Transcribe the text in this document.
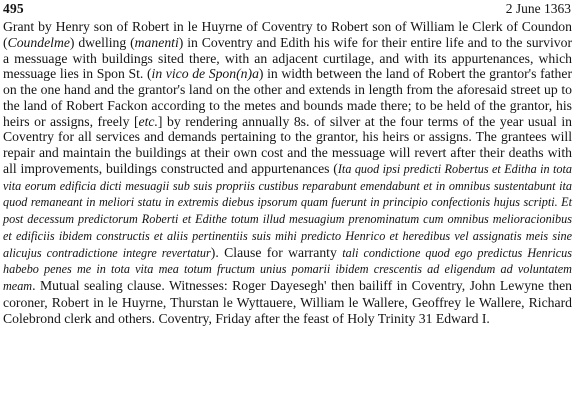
495	2 June 1363

Grant by Henry son of Robert in le Huyrne of Coventry to Robert son of William le Clerk of Coundon (Coundelme) dwelling (manenti) in Coventry and Edith his wife for their entire life and to the survivor a messuage with buildings sited there, with an adjacent curtilage, and with its appurtenances, which messuage lies in Spon St. (in vico de Spon(n)a) in width between the land of Robert the grantor's father on the one hand and the grantor's land on the other and extends in length from the aforesaid street up to the land of Robert Fackon according to the metes and bounds made there; to be held of the grantor, his heirs or assigns, freely [etc.] by rendering annually 8s. of silver at the four terms of the year usual in Coventry for all services and demands pertaining to the grantor, his heirs or assigns. The grantees will repair and maintain the buildings at their own cost and the messuage will revert after their deaths with all improvements, buildings constructed and appurtenances (Ita quod ipsi predicti Robertus et Editha in tota vita eorum edificia dicti mesuagii sub suis propriis custibus reparabunt emendabunt et in omnibus sustentabunt ita quod remaneant in meliori statu in extremis diebus ipsorum quam fuerunt in principio confectionis hujus scripti. Et post decessum predictorum Roberti et Edithe totum illud mesuagium prenominatum cum omnibus melioracionibus et edificiis ibidem constructis et aliis pertinentiis suis mihi predicto Henrico et heredibus vel assignatis meis sine alicujus contradictione integre revertatur). Clause for warranty tali condictione quod ego predictus Henricus habebo penes me in tota vita mea totum fructum unius pomarii ibidem crescentis ad eligendum ad voluntatem meam. Mutual sealing clause. Witnesses: Roger Dayesegh' then bailiff in Coventry, John Lewyne then coroner, Robert in le Huyrne, Thurstan le Wyttauere, William le Wallere, Geoffrey le Wallere, Richard Colebrond clerk and others. Coventry, Friday after the feast of Holy Trinity 31 Edward I.
